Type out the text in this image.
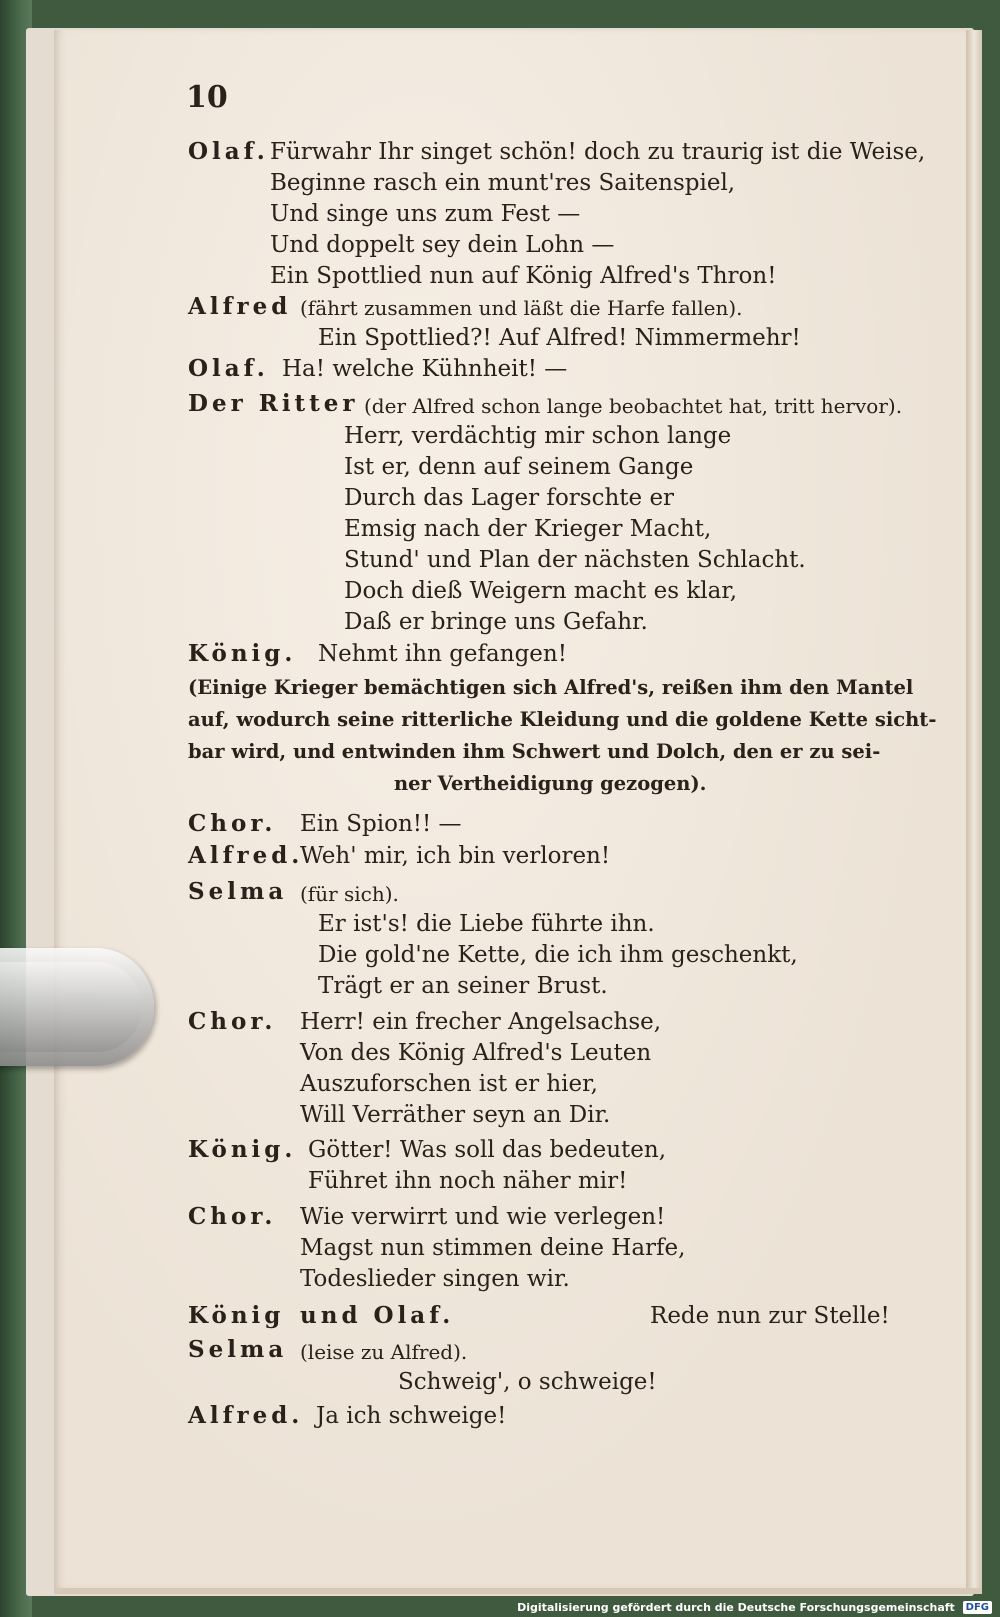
10
Olaf. Fürwahr Ihr singet schön! doch zu traurig ist die Weise,
Beginne rasch ein munt'res Saitenspiel,
Und singe uns zum Fest —
Und doppelt sey dein Lohn —
Ein Spottlied nun auf König Alfred's Thron!
Alfred (fährt zusammen und läßt die Harfe fallen).
Ein Spottlied?! Auf Alfred! Nimmermehr!
Olaf. Ha! welche Kühnheit! —
Der Ritter (der Alfred schon lange beobachtet hat, tritt hervor).
Herr, verdächtig mir schon lange
Ist er, denn auf seinem Gange
Durch das Lager forschte er
Emsig nach der Krieger Macht,
Stund' und Plan der nächsten Schlacht.
Doch dieß Weigern macht es klar,
Daß er bringe uns Gefahr.
König. Nehmt ihn gefangen!
(Einige Krieger bemächtigen sich Alfred's, reißen ihm den Mantel
auf, wodurch seine ritterliche Kleidung und die goldene Kette sicht-
bar wird, und entwinden ihm Schwert und Dolch, den er zu sei-
ner Vertheidigung gezogen).
Chor. Ein Spion!! —
Alfred.
Weh' mir, ich bin verloren!
Selma (für sich).
Er ist's! die Liebe führte ihn.
Die gold'ne Kette, die ich ihm geschenkt,
Trägt er an seiner Brust.
Chor. Herr! ein frecher Angelsachse,
Von des König Alfred's Leuten
Auszuforschen ist er hier,
Will Verräther seyn an Dir.
König. Götter! Was soll das bedeuten,
Führet ihn noch näher mir!
Chor. Wie verwirrt und wie verlegen!
Magst nun stimmen deine Harfe,
Todeslieder singen wir.
König und Olaf.	Rede nun zur Stelle!
Selma (leise zu Alfred).
Schweig', o schweige!
Alfred. Ja ich schweige!
Digitalisierung gefördert durch die Deutsche Forschungsgemeinschaft DFG
